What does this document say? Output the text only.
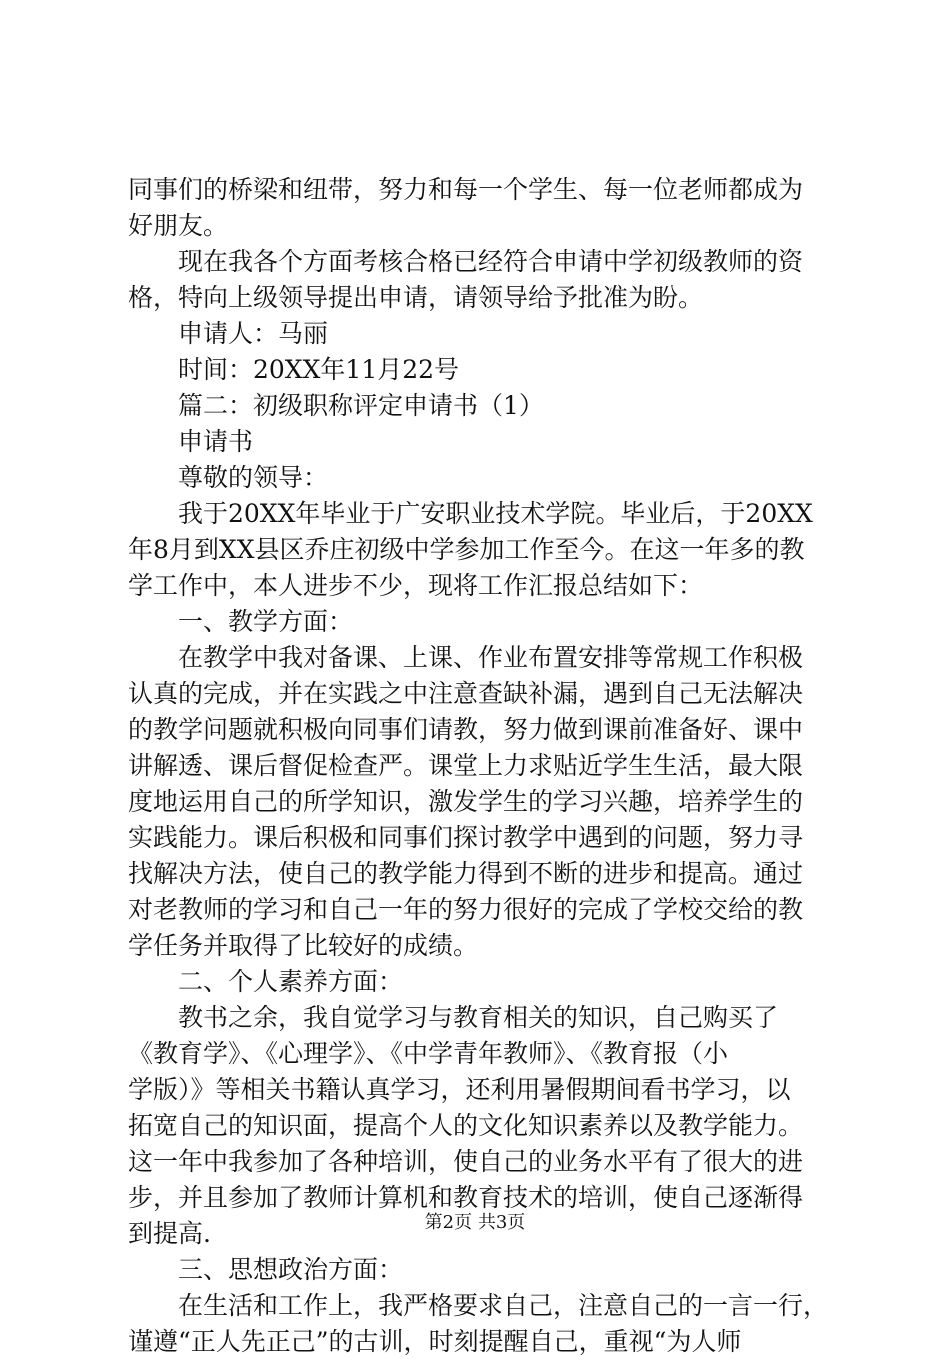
同事们的桥梁和纽带，努力和每一个学生、每一位老师都成为
好朋友。
　　现在我各个方面考核合格已经符合申请中学初级教师的资
格，特向上级领导提出申请，请领导给予批准为盼。
　　申请人：马丽
　　时间：20XX年11月22号
　　篇二：初级职称评定申请书（1）
　　申请书
　　尊敬的领导：
　　我于20XX年毕业于广安职业技术学院。毕业后，于20XX
年8月到XX县区乔庄初级中学参加工作至今。在这一年多的教
学工作中，本人进步不少，现将工作汇报总结如下：
　　一、教学方面：
　　在教学中我对备课、上课、作业布置安排等常规工作积极
认真的完成，并在实践之中注意查缺补漏，遇到自己无法解决
的教学问题就积极向同事们请教，努力做到课前准备好、课中
讲解透、课后督促检查严。课堂上力求贴近学生生活，最大限
度地运用自己的所学知识，激发学生的学习兴趣，培养学生的
实践能力。课后积极和同事们探讨教学中遇到的问题，努力寻
找解决方法，使自己的教学能力得到不断的进步和提高。通过
对老教师的学习和自己一年的努力很好的完成了学校交给的教
学任务并取得了比较好的成绩。
　　二、个人素养方面：
　　教书之余，我自觉学习与教育相关的知识，自己购买了
《教育学》、《心理学》、《中学青年教师》、《教育报（小
学版）》等相关书籍认真学习，还利用暑假期间看书学习，以
拓宽自己的知识面，提高个人的文化知识素养以及教学能力。
这一年中我参加了各种培训，使自己的业务水平有了很大的进
步，并且参加了教师计算机和教育技术的培训，使自己逐渐得
到提高.
　　三、思想政治方面：
　　在生活和工作上，我严格要求自己，注意自己的一言一行，
谨遵“正人先正己”的古训，时刻提醒自己，重视“为人师
第2页 共3页
